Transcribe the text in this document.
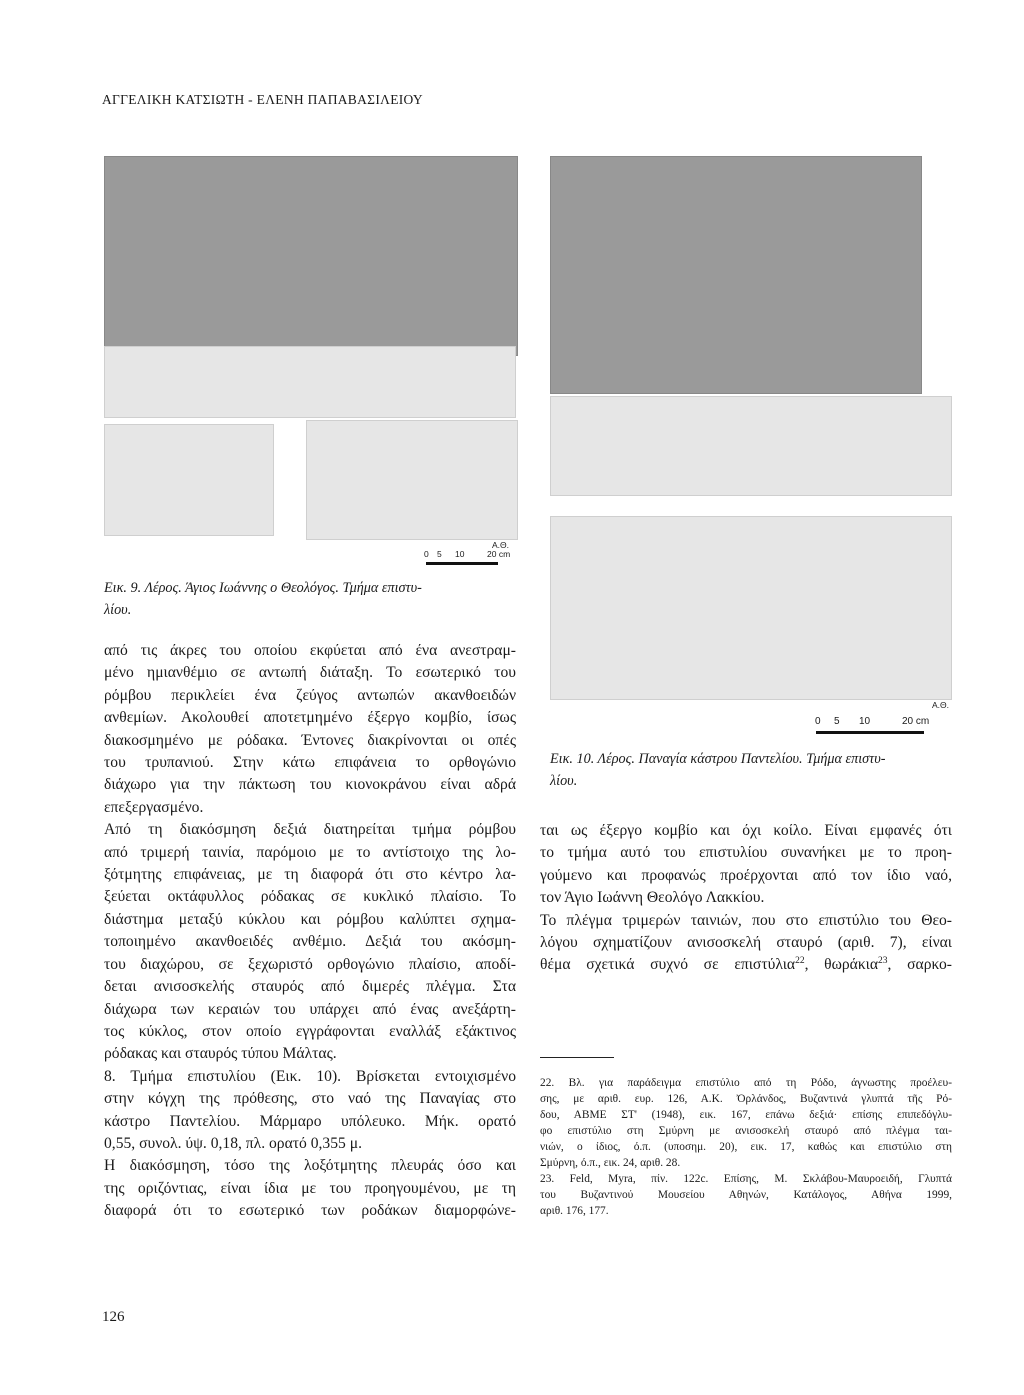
ΑΓΓΕΛΙΚΗ ΚΑΤΣΙΩΤΗ - ΕΛΕΝΗ ΠΑΠΑΒΑΣΙΛΕΙΟΥ
Α.Θ.
0 5 10	20 cm
Εικ. 9. Λέρος. Άγιος Ιωάννης ο Θεολόγος. Τμήμα επιστυ-
λίου.
Α.Θ.
0 5 10	20 cm
Εικ. 10. Λέρος. Παναγία κάστρου Παντελίου. Τμήμα επιστυ-
λίου.
από τις άκρες του οποίου εκφύεται από ένα ανεστραμ-
μένο ημιανθέμιο σε αντωπή διάταξη. Το εσωτερικό του
ρόμβου περικλείει ένα ζεύγος αντωπών ακανθοειδών
ανθεμίων. Ακολουθεί αποτετμημένο έξεργο κομβίο, ίσως
διακοσμημένο με ρόδακα. Έντονες διακρίνονται οι οπές
του τρυπανιού. Στην κάτω επιφάνεια το ορθογώνιο
διάχωρο για την πάκτωση του κιονοκράνου είναι αδρά
επεξεργασμένο.
Από τη διακόσμηση δεξιά διατηρείται τμήμα ρόμβου
από τριμερή ταινία, παρόμοιο με το αντίστοιχο της λο-
ξότμητης επιφάνειας, με τη διαφορά ότι στο κέντρο λα-
ξεύεται οκτάφυλλος ρόδακας σε κυκλικό πλαίσιο. Το
διάστημα μεταξύ κύκλου και ρόμβου καλύπτει σχημα-
τοποιημένο ακανθοειδές ανθέμιο. Δεξιά του ακόσμη-
του διαχώρου, σε ξεχωριστό ορθογώνιο πλαίσιο, αποδί-
δεται ανισοσκελής σταυρός από διμερές πλέγμα. Στα
διάχωρα των κεραιών του υπάρχει από ένας ανεξάρτη-
τος κύκλος, στον οποίο εγγράφονται εναλλάξ εξάκτινος
ρόδακας και σταυρός τύπου Μάλτας.
8. Τμήμα επιστυλίου (Εικ. 10). Βρίσκεται εντοιχισμένο
στην κόγχη της πρόθεσης, στο ναό της Παναγίας στο
κάστρο Παντελίου. Μάρμαρο υπόλευκο. Μήκ. ορατό
0,55, συνολ. ύψ. 0,18, πλ. ορατό 0,355 μ.
Η διακόσμηση, τόσο της λοξότμητης πλευράς όσο και
της οριζόντιας, είναι ίδια με του προηγουμένου, με τη
διαφορά ότι το εσωτερικό των ροδάκων διαμορφώνε-
ται ως έξεργο κομβίο και όχι κοίλο. Είναι εμφανές ότι
το τμήμα αυτό του επιστυλίου συνανήκει με το προη-
γούμενο και προφανώς προέρχονται από τον ίδιο ναό,
τον Άγιο Ιωάννη Θεολόγο Λακκίου.
Το πλέγμα τριμερών ταινιών, που στο επιστύλιο του Θεο-
λόγου σχηματίζουν ανισοσκελή σταυρό (αριθ. 7), είναι
θέμα σχετικά συχνό σε επιστύλια$^{22}$, θωράκια$^{23}$, σαρκο-
22. Βλ. για παράδειγμα επιστύλιο από τη Ρόδο, άγνωστης προέλευ-
σης, με αριθ. ευρ. 126, Α.Κ. Ὀρλάνδος, Βυζαντινά γλυπτά τῆς Ρό-
δου, ΑΒΜΕ ΣΤ' (1948), εικ. 167, επάνω δεξιά· επίσης επιπεδόγλυ-
φο επιστύλιο στη Σμύρνη με ανισοσκελή σταυρό από πλέγμα ται-
νιών, ο ίδιος, ό.π. (υποσημ. 20), εικ. 17, καθώς και επιστύλιο στη
Σμύρνη, ό.π., εικ. 24, αριθ. 28.
23. Feld, Myra, πίν. 122c. Επίσης, Μ. Σκλάβου-Μαυροειδή, Γλυπτά
του Βυζαντινού Μουσείου Αθηνών, Κατάλογος, Αθήνα 1999,
αριθ. 176, 177.
126
